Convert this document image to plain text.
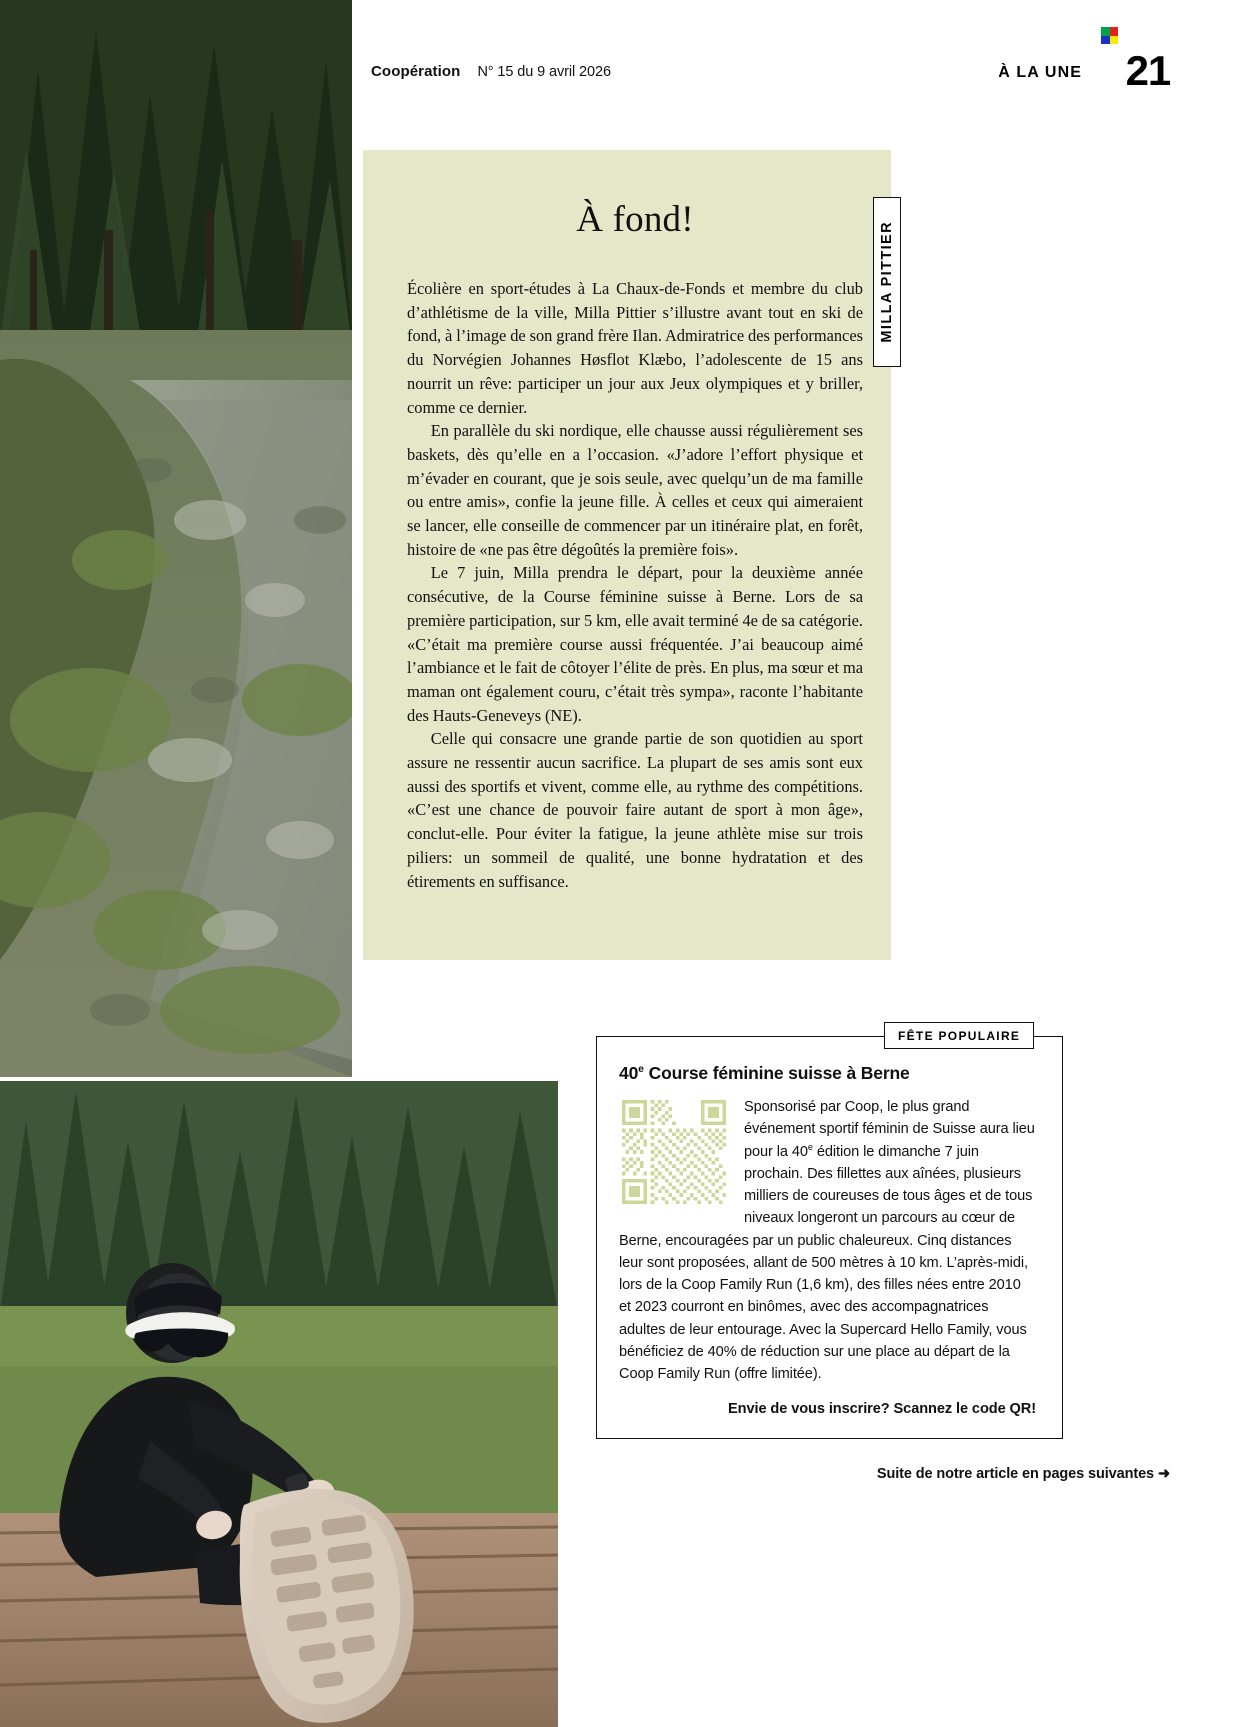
Coopération N° 15 du 9 avril 2026	À LA UNE 21
À fond!

Écolière en sport-études à La Chaux-de-Fonds et membre du club d’athlétisme de la ville, Milla Pittier s’illustre avant tout en ski de fond, à l’image de son grand frère Ilan. Admiratrice des performances du Norvégien Johannes Høsflot Klæbo, l’adolescente de 15 ans nourrit un rêve: participer un jour aux Jeux olympiques et y briller, comme ce dernier.

En parallèle du ski nordique, elle chausse aussi régulièrement ses baskets, dès qu’elle en a l’occasion. «J’adore l’effort physique et m’évader en courant, que je sois seule, avec quelqu’un de ma famille ou entre amis», confie la jeune fille. À celles et ceux qui aimeraient se lancer, elle conseille de commencer par un itinéraire plat, en forêt, histoire de «ne pas être dégoûtés la première fois».

Le 7 juin, Milla prendra le départ, pour la deuxième année consécutive, de la Course féminine suisse à Berne. Lors de sa première participation, sur 5 km, elle avait terminé 4e de sa catégorie. «C’était ma première course aussi fréquentée. J’ai beaucoup aimé l’ambiance et le fait de côtoyer l’élite de près. En plus, ma sœur et ma maman ont également couru, c’était très sympa», raconte l’habitante des Hauts-Geneveys (NE).

Celle qui consacre une grande partie de son quotidien au sport assure ne ressentir aucun sacrifice. La plupart de ses amis sont eux aussi des sportifs et vivent, comme elle, au rythme des compétitions. «C’est une chance de pouvoir faire autant de sport à mon âge», conclut-elle. Pour éviter la fatigue, la jeune athlète mise sur trois piliers: un sommeil de qualité, une bonne hydratation et des étirements en suffisance.

MILLA PITTIER
40e Course féminine suisse à Berne
Sponsorisé par Coop, le plus grand événement sportif féminin de Suisse aura lieu pour la 40e édition le dimanche 7 juin prochain. Des fillettes aux aînées, plusieurs milliers de coureuses de tous âges et de tous niveaux longeront un parcours au cœur de Berne, encouragées par un public chaleureux. Cinq distances leur sont proposées, allant de 500 mètres à 10 km. L’après-midi, lors de la Coop Family Run (1,6 km), des filles nées entre 2010 et 2023 courront en binômes, avec des accompagnatrices adultes de leur entourage. Avec la Supercard Hello Family, vous bénéficiez de 40% de réduction sur une place au départ de la Coop Family Run (offre limitée).
Envie de vous inscrire? Scannez le code QR!
FÊTE POPULAIRE
Suite de notre article en pages suivantes ➜
